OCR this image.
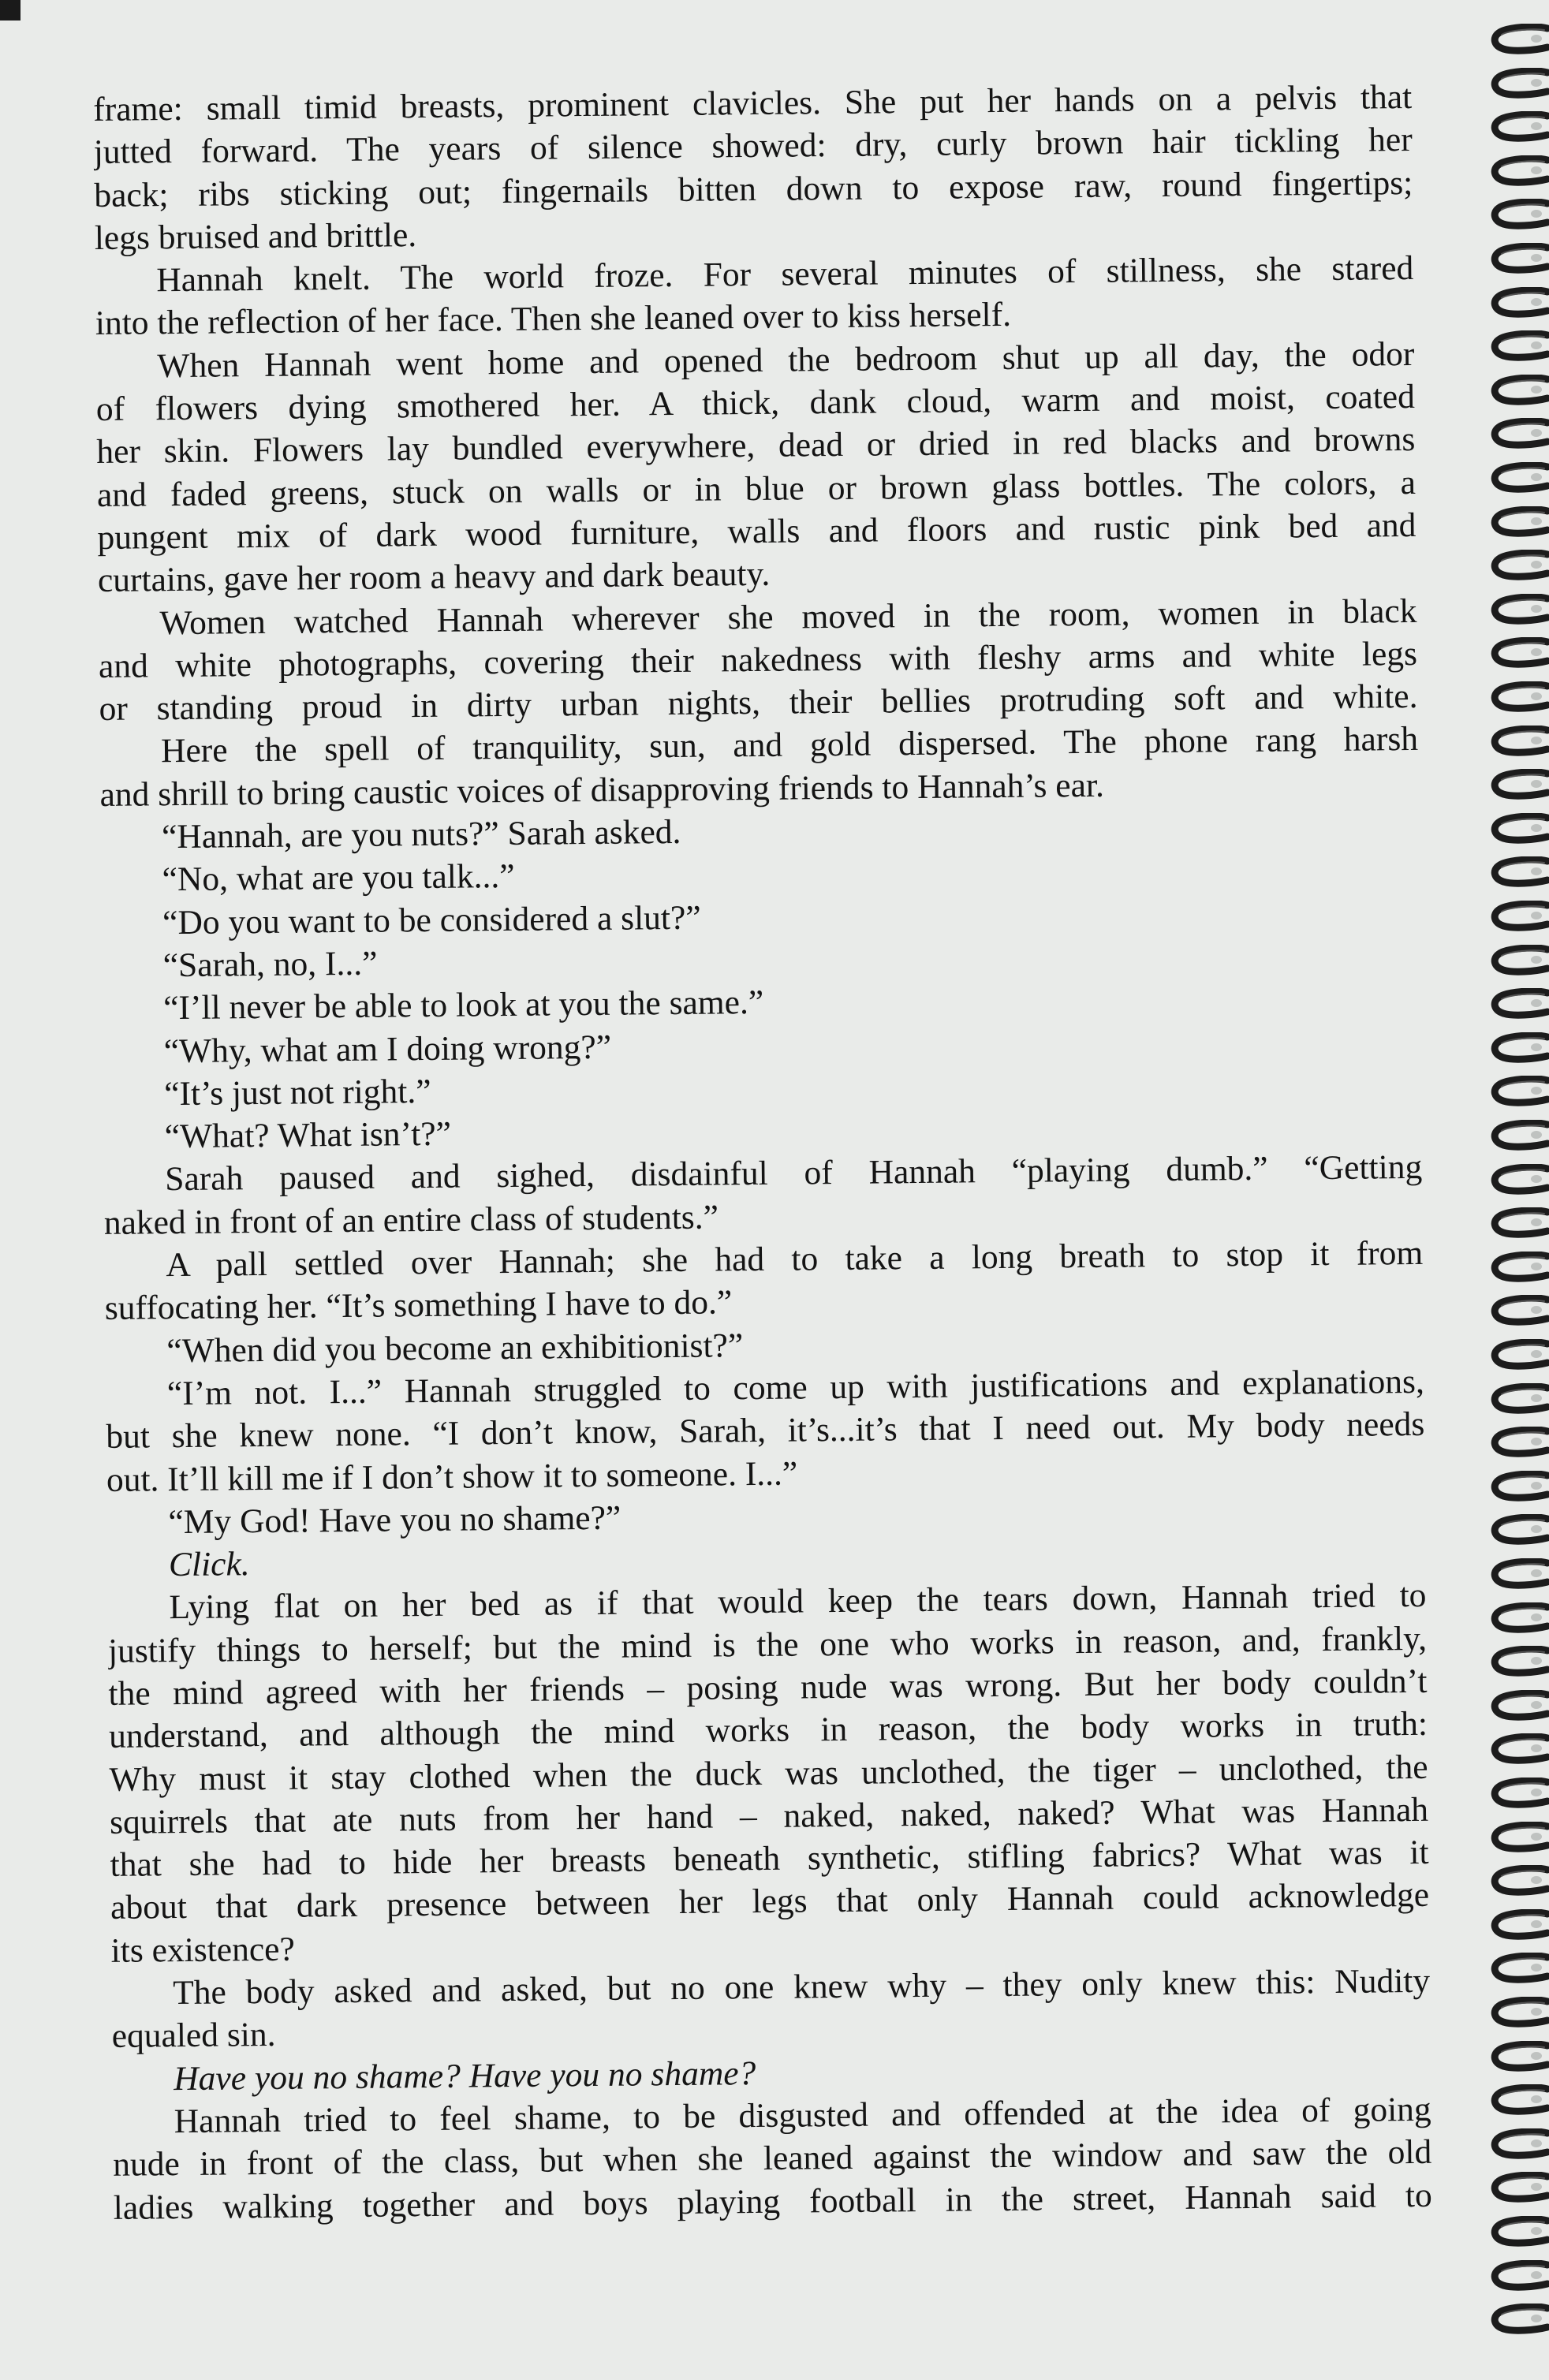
frame: small timid breasts, prominent clavicles. She put her hands on a pelvis that
jutted forward. The years of silence showed: dry, curly brown hair tickling her
back; ribs sticking out; fingernails bitten down to expose raw, round fingertips;
legs bruised and brittle.
Hannah knelt. The world froze. For several minutes of stillness, she stared
into the reflection of her face. Then she leaned over to kiss herself.
When Hannah went home and opened the bedroom shut up all day, the odor
of flowers dying smothered her. A thick, dank cloud, warm and moist, coated
her skin. Flowers lay bundled everywhere, dead or dried in red blacks and browns
and faded greens, stuck on walls or in blue or brown glass bottles. The colors, a
pungent mix of dark wood furniture, walls and floors and rustic pink bed and
curtains, gave her room a heavy and dark beauty.
Women watched Hannah wherever she moved in the room, women in black
and white photographs, covering their nakedness with fleshy arms and white legs
or standing proud in dirty urban nights, their bellies protruding soft and white.
Here the spell of tranquility, sun, and gold dispersed. The phone rang harsh
and shrill to bring caustic voices of disapproving friends to Hannah’s ear.
“Hannah, are you nuts?” Sarah asked.
“No, what are you talk...”
“Do you want to be considered a slut?”
“Sarah, no, I...”
“I’ll never be able to look at you the same.”
“Why, what am I doing wrong?”
“It’s just not right.”
“What? What isn’t?”
Sarah paused and sighed, disdainful of Hannah “playing dumb.” “Getting
naked in front of an entire class of students.”
A pall settled over Hannah; she had to take a long breath to stop it from
suffocating her. “It’s something I have to do.”
“When did you become an exhibitionist?”
“I’m not. I...” Hannah struggled to come up with justifications and explanations,
but she knew none. “I don’t know, Sarah, it’s...it’s that I need out. My body needs
out. It’ll kill me if I don’t show it to someone. I...”
“My God! Have you no shame?”
Click.
Lying flat on her bed as if that would keep the tears down, Hannah tried to
justify things to herself; but the mind is the one who works in reason, and, frankly,
the mind agreed with her friends – posing nude was wrong. But her body couldn’t
understand, and although the mind works in reason, the body works in truth:
Why must it stay clothed when the duck was unclothed, the tiger – unclothed, the
squirrels that ate nuts from her hand – naked, naked, naked? What was Hannah
that she had to hide her breasts beneath synthetic, stifling fabrics? What was it
about that dark presence between her legs that only Hannah could acknowledge
its existence?
The body asked and asked, but no one knew why – they only knew this: Nudity
equaled sin.
Have you no shame? Have you no shame?
Hannah tried to feel shame, to be disgusted and offended at the idea of going
nude in front of the class, but when she leaned against the window and saw the old
ladies walking together and boys playing football in the street, Hannah said to
